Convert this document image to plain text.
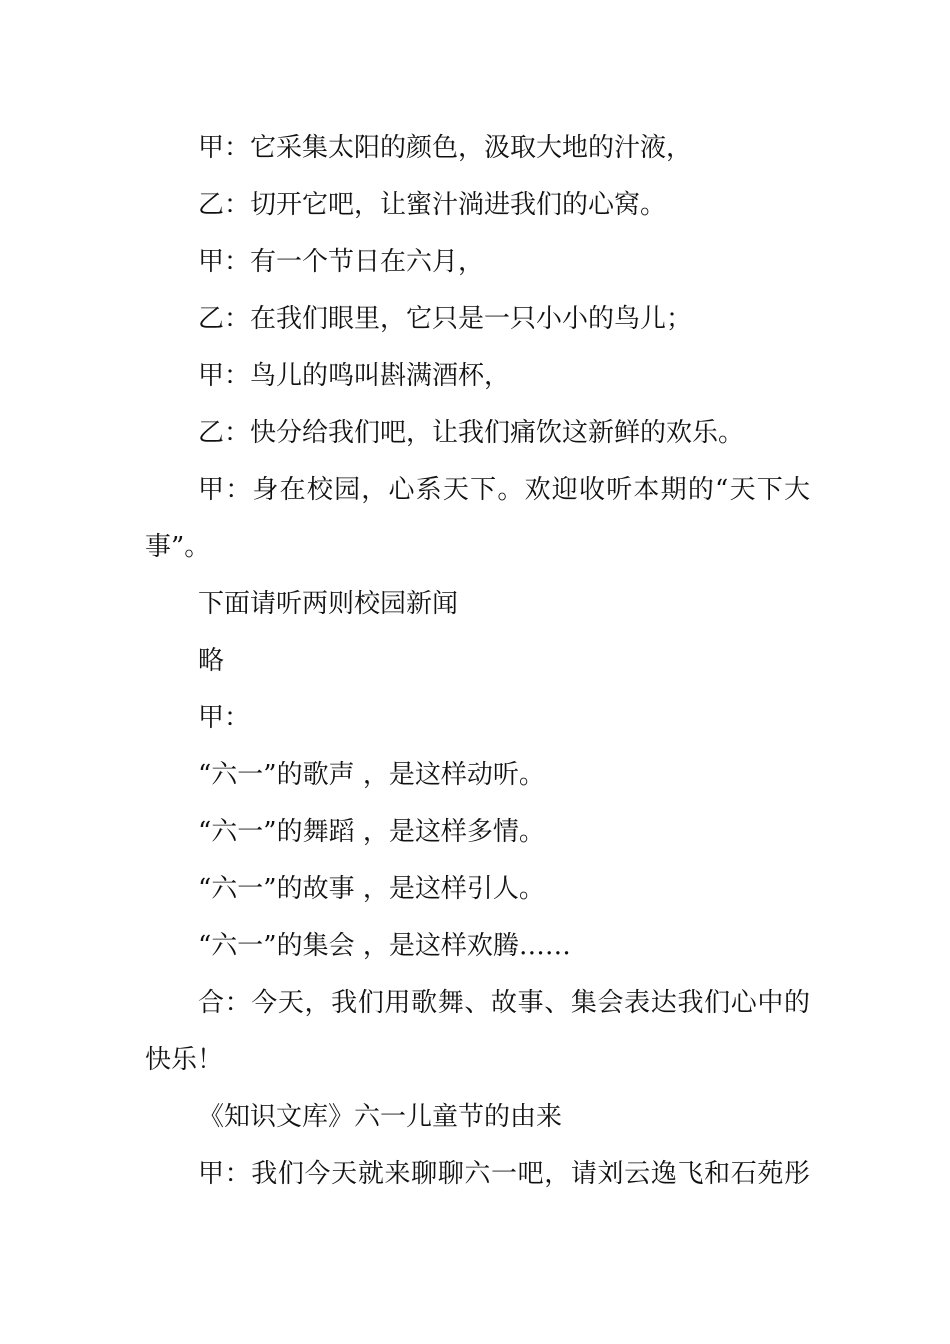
甲：它采集太阳的颜色，汲取大地的汁液，
乙：切开它吧，让蜜汁淌进我们的心窝。
甲：有一个节日在六月，
乙：在我们眼里，它只是一只小小的鸟儿；
甲：鸟儿的鸣叫斟满酒杯，
乙：快分给我们吧，让我们痛饮这新鲜的欢乐。
甲：身在校园，心系天下。欢迎收听本期的“天下大
事”。
下面请听两则校园新闻
略
甲：
“六一”的歌声 ，是这样动听。
“六一”的舞蹈 ，是这样多情。
“六一”的故事 ，是这样引人。
“六一”的集会 ，是这样欢腾……
合：今天，我们用歌舞、故事、集会表达我们心中的
快乐！
《知识文库》六一儿童节的由来
甲：我们今天就来聊聊六一吧，请刘云逸飞和石苑彤
